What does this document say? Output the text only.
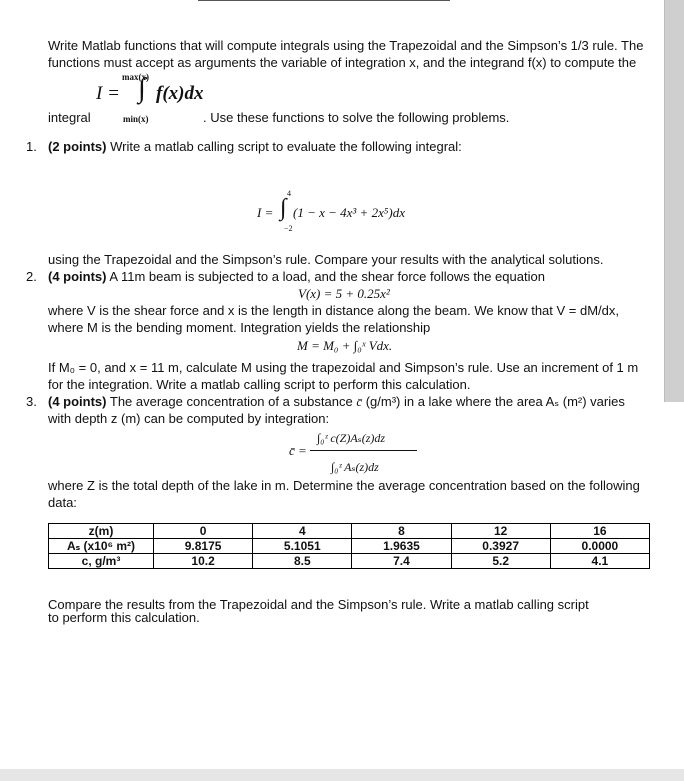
Write Matlab functions that will compute integrals using the Trapezoidal and the Simpson’s 1/3 rule. The
functions must accept as arguments the variable of integration x, and the integrand f(x) to compute the
I = ∫
max(x)
f(x)dx
min(x)
integral	. Use these functions to solve the following problems.
1. (2 points) Write a matlab calling script to evaluate the following integral:
I = ∫
4
−2
(1 − x − 4x³ + 2x⁵)dx
using the Trapezoidal and the Simpson’s rule. Compare your results with the analytical solutions.
2. (4 points) A 11m beam is subjected to a load, and the shear force follows the equation
V(x) = 5 + 0.25x²
where V is the shear force and x is the length in distance along the beam. We know that V = dM/dx,
where M is the bending moment. Integration yields the relationship
M = M₀ + ∫₀ˣ Vdx.
If M₀ = 0, and x = 11 m, calculate M using the trapezoidal and Simpson’s rule. Use an increment of 1 m
for the integration. Write a matlab calling script to perform this calculation.
3. (4 points) The average concentration of a substance c̄ (g/m³) in a lake where the area Aₛ (m²) varies
with depth z (m) can be computed by integration:
c̄ =
∫₀ᶻ c(Z)Aₛ(z)dz
∫₀ᶻ Aₛ(z)dz
where Z is the total depth of the lake in m. Determine the average concentration based on the following
data:
z(m)	0	4	8	12	16
Aₛ (x10⁶ m²)	9.8175	5.1051	1.9635	0.3927	0.0000
c, g/m³	10.2	8.5	7.4	5.2	4.1
Compare the results from the Trapezoidal and the Simpson’s rule. Write a matlab calling script
to perform this calculation.
